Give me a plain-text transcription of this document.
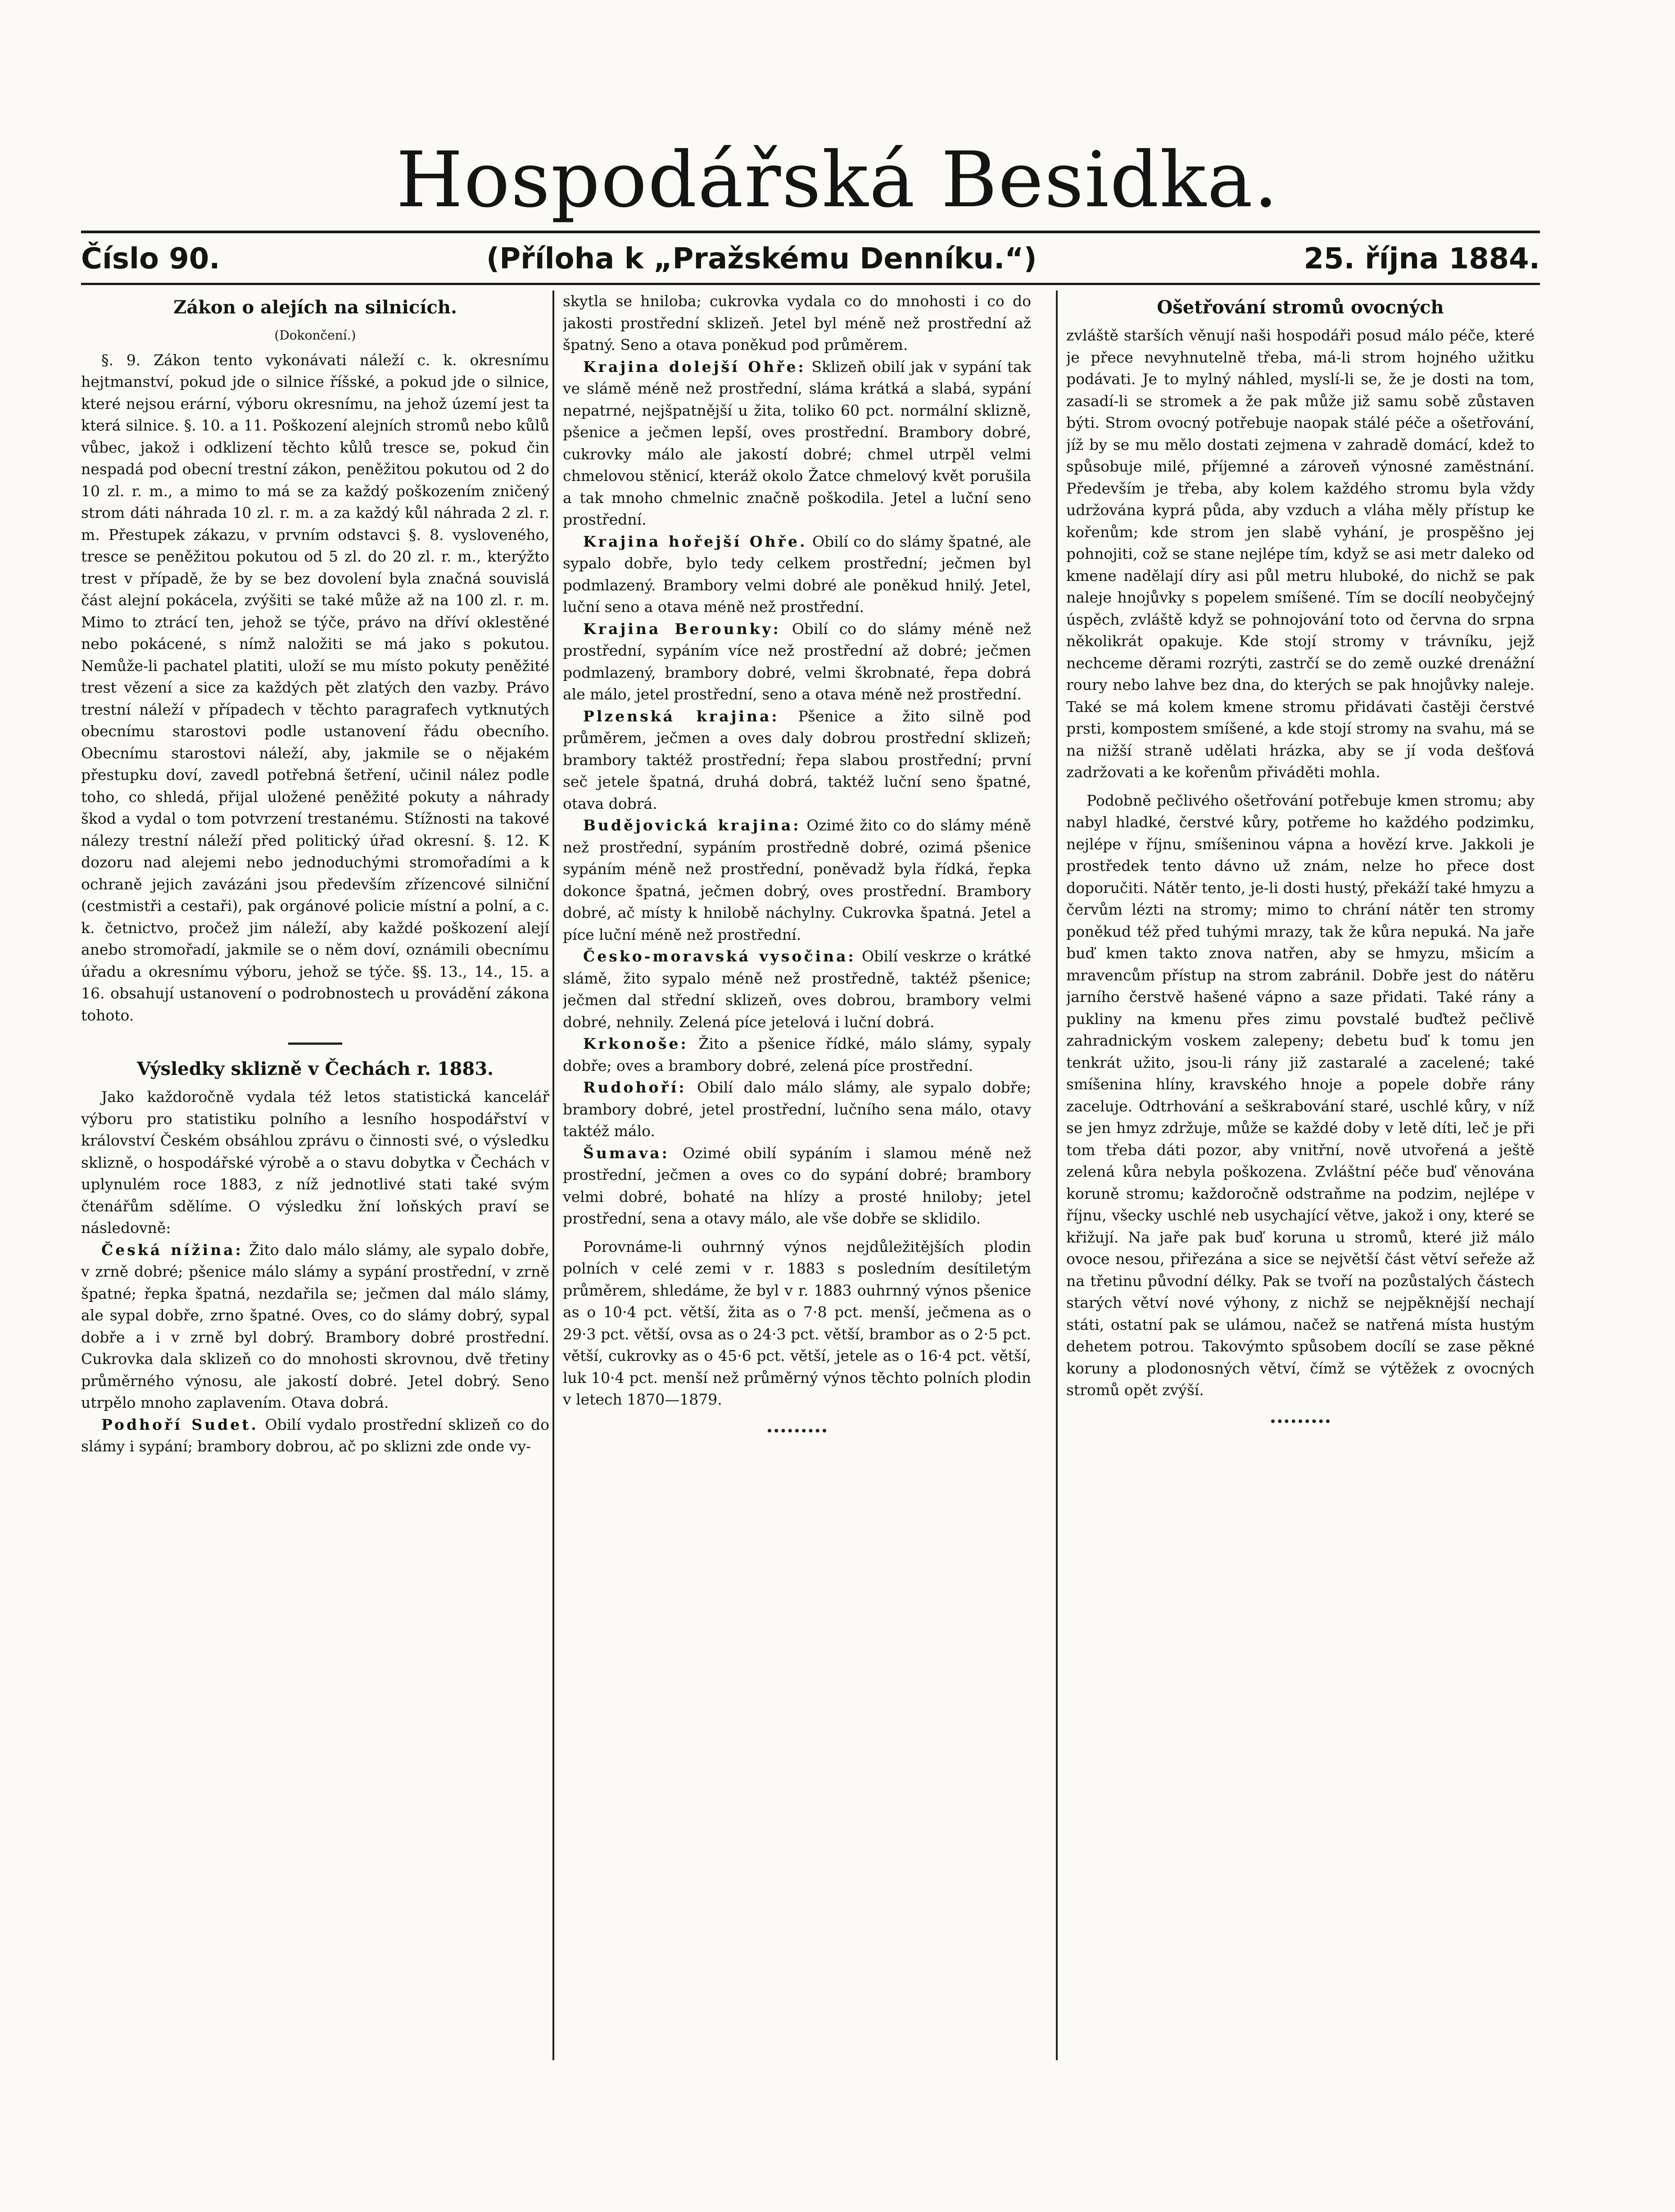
Hospodářská Besidka.
Číslo 90.	(Příloha k „Pražskému Denníku.“)	25. října 1884.
Zákon o alejích na silnicích.

(Dokončení.)

§. 9. Zákon tento vykonávati náleží c. k. okresnímu hejtmanství, pokud jde o silnice říšské, a pokud jde o silnice, které nejsou erární, výboru okresnímu, na jehož území jest ta která silnice. §. 10. a 11. Poškození alejních stromů nebo kůlů vůbec, jakož i odklizení těchto kůlů tresce se, pokud čin nespadá pod obecní trestní zákon, peněžitou pokutou od 2 do 10 zl. r. m., a mimo to má se za každý poškozením zničený strom dáti náhrada 10 zl. r. m. a za každý kůl náhrada 2 zl. r. m. Přestupek zákazu, v prvním odstavci §. 8. vysloveného, tresce se peněžitou pokutou od 5 zl. do 20 zl. r. m., kterýžto trest v případě, že by se bez dovolení byla značná souvislá část alejní pokácela, zvýšiti se také může až na 100 zl. r. m. Mimo to ztrácí ten, jehož se týče, právo na dříví oklestěné nebo pokácené, s nímž naložiti se má jako s pokutou. Nemůže-li pachatel platiti, uloží se mu místo pokuty peněžité trest vězení a sice za každých pět zlatých den vazby. Právo trestní náleží v případech v těchto paragrafech vytknutých obecnímu starostovi podle ustanovení řádu obecního. Obecnímu starostovi náleží, aby, jakmile se o nějakém přestupku doví, zavedl potřebná šetření, učinil nález podle toho, co shledá, přijal uložené peněžité pokuty a náhrady škod a vydal o tom potvrzení trestanému. Stížnosti na takové nálezy trestní náleží před politický úřad okresní. §. 12. K dozoru nad alejemi nebo jednoduchými stromořadími a k ochraně jejich zavázáni jsou především zřízencové silniční (cestmistři a cestaři), pak orgánové policie místní a polní, a c. k. četnictvo, pročež jim náleží, aby každé poškození alejí anebo stromořadí, jakmile se o něm doví, oznámili obecnímu úřadu a okresnímu výboru, jehož se týče. §§. 13., 14., 15. a 16. obsahují ustanovení o podrobnostech u provádění zákona tohoto.

Výsledky sklizně v Čechách r. 1883.

Jako každoročně vydala též letos statistická kancelář výboru pro statistiku polního a lesního hospodářství v království Českém obsáhlou zprávu o činnosti své, o výsledku sklizně, o hospodářské výrobě a o stavu dobytka v Čechách v uplynulém roce 1883, z níž jednotlivé stati také svým čtenářům sdělíme. O výsledku žní loňských praví se následovně:

Česká nížina: Žito dalo málo slámy, ale sypalo dobře, v zrně dobré; pšenice málo slámy a sypání prostřední, v zrně špatné; řepka špatná, nezdařila se; ječmen dal málo slámy, ale sypal dobře, zrno špatné. Oves, co do slámy dobrý, sypal dobře a i v zrně byl dobrý. Brambory dobré prostřední. Cukrovka dala sklizeň co do mnohosti skrovnou, dvě třetiny průměrného výnosu, ale jakostí dobré. Jetel dobrý. Seno utrpělo mnoho zaplavením. Otava dobrá.

Podhoří Sudet. Obilí vydalo prostřední sklizeň co do slámy i sypání; brambory dobrou, ač po sklizni zde onde vy-

skytla se hniloba; cukrovka vydala co do mnohosti i co do jakosti prostřední sklizeň. Jetel byl méně než prostřední až špatný. Seno a otava poněkud pod průměrem.

Krajina dolejší Ohře: Sklizeň obilí jak v sypání tak ve slámě méně než prostřední, sláma krátká a slabá, sypání nepatrné, nejšpatnější u žita, toliko 60 pct. normální sklizně, pšenice a ječmen lepší, oves prostřední. Brambory dobré, cukrovky málo ale jakostí dobré; chmel utrpěl velmi chmelovou stěnicí, kteráž okolo Žatce chmelový květ porušila a tak mnoho chmelnic značně poškodila. Jetel a luční seno prostřední.

Krajina hořejší Ohře. Obilí co do slámy špatné, ale sypalo dobře, bylo tedy celkem prostřední; ječmen byl podmlazený. Brambory velmi dobré ale poněkud hnilý. Jetel, luční seno a otava méně než prostřední.

Krajina Berounky: Obilí co do slámy méně než prostřední, sypáním více než prostřední až dobré; ječmen podmlazený, brambory dobré, velmi škrobnaté, řepa dobrá ale málo, jetel prostřední, seno a otava méně než prostřední.

Plzenská krajina: Pšenice a žito silně pod průměrem, ječmen a oves daly dobrou prostřední sklizeň; brambory taktéž prostřední; řepa slabou prostřední; první seč jetele špatná, druhá dobrá, taktéž luční seno špatné, otava dobrá.

Budějovická krajina: Ozimé žito co do slámy méně než prostřední, sypáním prostředně dobré, ozimá pšenice sypáním méně než prostřední, poněvadž byla řídká, řepka dokonce špatná, ječmen dobrý, oves prostřední. Brambory dobré, ač místy k hnilobě náchylny. Cukrovka špatná. Jetel a píce luční méně než prostřední.

Česko-moravská vysočina: Obilí veskrze o krátké slámě, žito sypalo méně než prostředně, taktéž pšenice; ječmen dal střední sklizeň, oves dobrou, brambory velmi dobré, nehnily. Zelená píce jetelová i luční dobrá.

Krkonoše: Žito a pšenice řídké, málo slámy, sypaly dobře; oves a brambory dobré, zelená píce prostřední.

Rudohoří: Obilí dalo málo slámy, ale sypalo dobře; brambory dobré, jetel prostřední, lučního sena málo, otavy taktéž málo.

Šumava: Ozimé obilí sypáním i slamou méně než prostřední, ječmen a oves co do sypání dobré; brambory velmi dobré, bohaté na hlízy a prosté hniloby; jetel prostřední, sena a otavy málo, ale vše dobře se sklidilo.

Porovnáme-li ouhrnný výnos nejdůležitějších plodin polních v celé zemi v r. 1883 s posledním desítiletým průměrem, shledáme, že byl v r. 1883 ouhrnný výnos pšenice as o 10·4 pct. větší, žita as o 7·8 pct. menší, ječmena as o 29·3 pct. větší, ovsa as o 24·3 pct. větší, brambor as o 2·5 pct. větší, cukrovky as o 45·6 pct. větší, jetele as o 16·4 pct. větší, luk 10·4 pct. menší než průměrný výnos těchto polních plodin v letech 1870—1879.

Ošetřování stromů ovocných

zvláště starších věnují naši hospodáři posud málo péče, které je přece nevyhnutelně třeba, má-li strom hojného užitku podávati. Je to mylný náhled, myslí-li se, že je dosti na tom, zasadí-li se stromek a že pak může již samu sobě zůstaven býti. Strom ovocný potřebuje naopak stálé péče a ošetřování, jíž by se mu mělo dostati zejmena v zahradě domácí, kdež to spůsobuje milé, příjemné a zároveň výnosné zaměstnání. Především je třeba, aby kolem každého stromu byla vždy udržována kyprá půda, aby vzduch a vláha měly přístup ke kořenům; kde strom jen slabě vyhání, je prospěšno jej pohnojiti, což se stane nejlépe tím, když se asi metr daleko od kmene nadělají díry asi půl metru hluboké, do nichž se pak naleje hnojůvky s popelem smíšené. Tím se docílí neobyčejný úspěch, zvláště když se pohnojování toto od června do srpna několikrát opakuje. Kde stojí stromy v trávníku, jejž nechceme děrami rozrýti, zastrčí se do země ouzké drenážní roury nebo lahve bez dna, do kterých se pak hnojůvky naleje. Také se má kolem kmene stromu přidávati častěji čerstvé prsti, kompostem smíšené, a kde stojí stromy na svahu, má se na nižší straně udělati hrázka, aby se jí voda dešťová zadržovati a ke kořenům přiváděti mohla.

Podobně pečlivého ošetřování potřebuje kmen stromu; aby nabyl hladké, čerstvé kůry, potřeme ho každého podzimku, nejlépe v říjnu, smíšeninou vápna a hovězí krve. Jakkoli je prostředek tento dávno už znám, nelze ho přece dost doporučiti. Nátěr tento, je-li dosti hustý, překáží také hmyzu a červům lézti na stromy; mimo to chrání nátěr ten stromy poněkud též před tuhými mrazy, tak že kůra nepuká. Na jaře buď kmen takto znova natřen, aby se hmyzu, mšicím a mravencům přístup na strom zabránil. Dobře jest do nátěru jarního čerstvě hašené vápno a saze přidati. Také rány a pukliny na kmenu přes zimu povstalé buďtež pečlivě zahradnickým voskem zalepeny; debetu buď k tomu jen tenkrát užito, jsou-li rány již zastaralé a zacelené; také smíšenina hlíny, kravského hnoje a popele dobře rány zaceluje. Odtrhování a seškrabování staré, uschlé kůry, v níž se jen hmyz zdržuje, může se každé doby v letě díti, leč je při tom třeba dáti pozor, aby vnitřní, nově utvořená a ještě zelená kůra nebyla poškozena. Zvláštní péče buď věnována koruně stromu; každoročně odstraňme na podzim, nejlépe v říjnu, všecky uschlé neb usychající větve, jakož i ony, které se křižují. Na jaře pak buď koruna u stromů, které již málo ovoce nesou, přiřezána a sice se největší část větví seřeže až na třetinu původní délky. Pak se tvoří na pozůstalých částech starých větví nové výhony, z nichž se nejpěknější nechají státi, ostatní pak se ulámou, načež se natřená místa hustým dehetem potrou. Takovýmto spůsobem docílí se zase pěkné koruny a plodonosných větví, čímž se výtěžek z ovocných stromů opět zvýší.
